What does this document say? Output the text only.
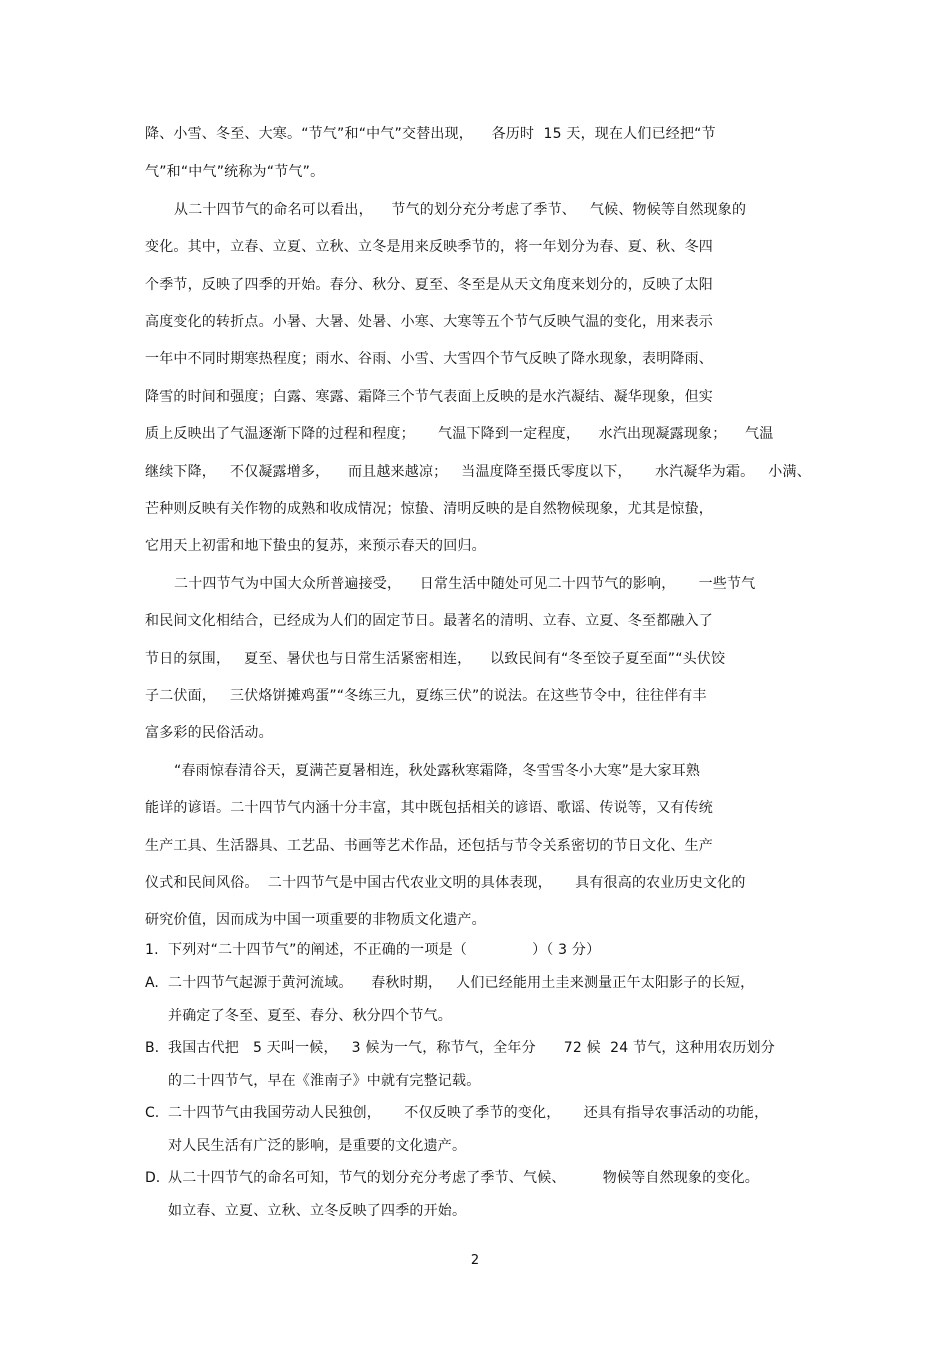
降、小雪、冬至、大寒。“节气”和“中气”交替出现，    各历时  15 天，现在人们已经把“节
气”和“中气”统称为“节气”。
从二十四节气的命名可以看出，    节气的划分充分考虑了季节、   气候、物候等自然现象的
变化。其中，立春、立夏、立秋、立冬是用来反映季节的，将一年划分为春、夏、秋、冬四
个季节，反映了四季的开始。春分、秋分、夏至、冬至是从天文角度来划分的，反映了太阳
高度变化的转折点。小暑、大暑、处暑、小寒、大寒等五个节气反映气温的变化，用来表示
一年中不同时期寒热程度；雨水、谷雨、小雪、大雪四个节气反映了降水现象，表明降雨、
降雪的时间和强度；白露、寒露、霜降三个节气表面上反映的是水汽凝结、凝华现象，但实
质上反映出了气温逐渐下降的过程和程度；     气温下降到一定程度，    水汽出现凝露现象；    气温
继续下降，   不仅凝露增多，    而且越来越凉；   当温度降至摄氏零度以下，     水汽凝华为霜。   小满、
芒种则反映有关作物的成熟和收成情况；惊蛰、清明反映的是自然物候现象，尤其是惊蛰，
它用天上初雷和地下蛰虫的复苏，来预示春天的回归。
二十四节气为中国大众所普遍接受，    日常生活中随处可见二十四节气的影响，     一些节气
和民间文化相结合，已经成为人们的固定节日。最著名的清明、立春、立夏、冬至都融入了
节日的氛围，   夏至、暑伏也与日常生活紧密相连，    以致民间有“冬至饺子夏至面”“头伏饺
子二伏面，   三伏烙饼摊鸡蛋”“冬练三九，夏练三伏”的说法。在这些节令中，往往伴有丰
富多彩的民俗活动。
“春雨惊春清谷天，夏满芒夏暑相连，秋处露秋寒霜降，冬雪雪冬小大寒”是大家耳熟
能详的谚语。二十四节气内涵十分丰富，其中既包括相关的谚语、歌谣、传说等，又有传统
生产工具、生活器具、工艺品、书画等艺术作品，还包括与节令关系密切的节日文化、生产
仪式和民间风俗。  二十四节气是中国古代农业文明的具体表现，     具有很高的农业历史文化的
研究价值，因而成为中国一项重要的非物质文化遗产。
1.  下列对“二十四节气”的阐述，不正确的一项是（              ）（ 3 分）
A. 二十四节气起源于黄河流域。    春秋时期，   人们已经能用土圭来测量正午太阳影子的长短，
并确定了冬至、夏至、春分、秋分四个节气。
B. 我国古代把   5 天叫一候，   3 候为一气，称节气，全年分      72 候  24 节气，这种用农历划分
的二十四节气，早在《淮南子》中就有完整记载。
C. 二十四节气由我国劳动人民独创，     不仅反映了季节的变化，     还具有指导农事活动的功能，
对人民生活有广泛的影响，是重要的文化遗产。
D. 从二十四节气的命名可知，节气的划分充分考虑了季节、气候、        物候等自然现象的变化。
如立春、立夏、立秋、立冬反映了四季的开始。
2
